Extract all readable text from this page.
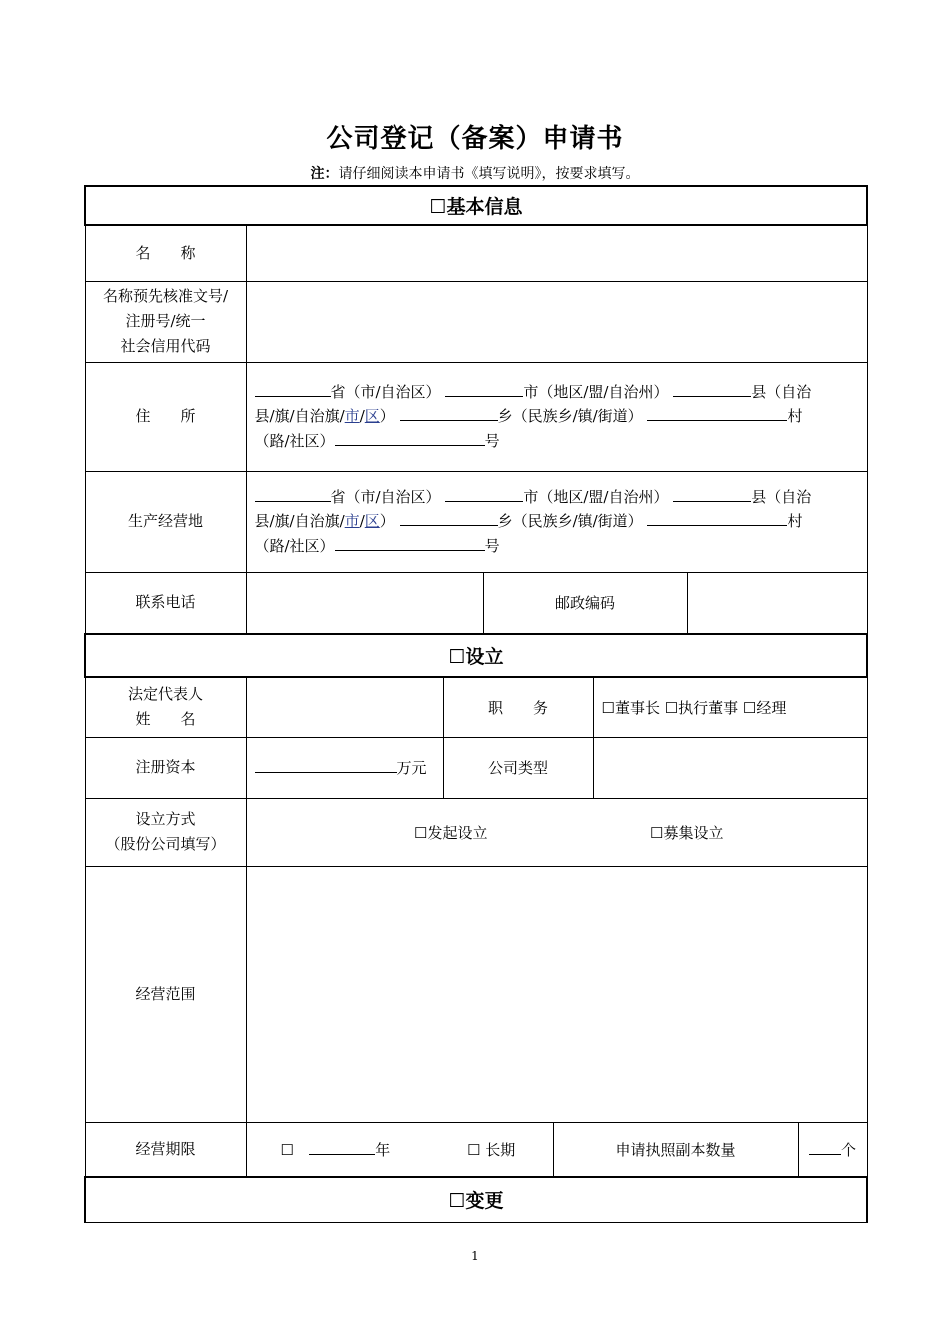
公司登记（备案）申请书
注：请仔细阅读本申请书《填写说明》，按要求填写。
☐基本信息							
名　　称							

名称预先核准文号/
注册号/统一
社会信用代码							

住　　所	省（市/自治区） 市（地区/盟/自治州） 县（自治
县/旗/自治旗/市/区） 乡（民族乡/镇/街道） 村
（路/社区） 号						
生产经营地	省（市/自治区） 市（地区/盟/自治州） 县（自治
县/旗/自治旗/市/区） 乡（民族乡/镇/街道） 村
（路/社区） 号						
联系电话			邮政编码				
☐设立							

法定代表人
姓　　名		职　　务			☐董事长 ☐执行董事 ☐经理		
注册资本	万元	公司类型					

设立方式
（股份公司填写）	☐发起设立 ☐募集设立						
经营范围							
经营期限	☐ 年 ☐ 长期			申请执照副本数量			个
☐变更							
1
